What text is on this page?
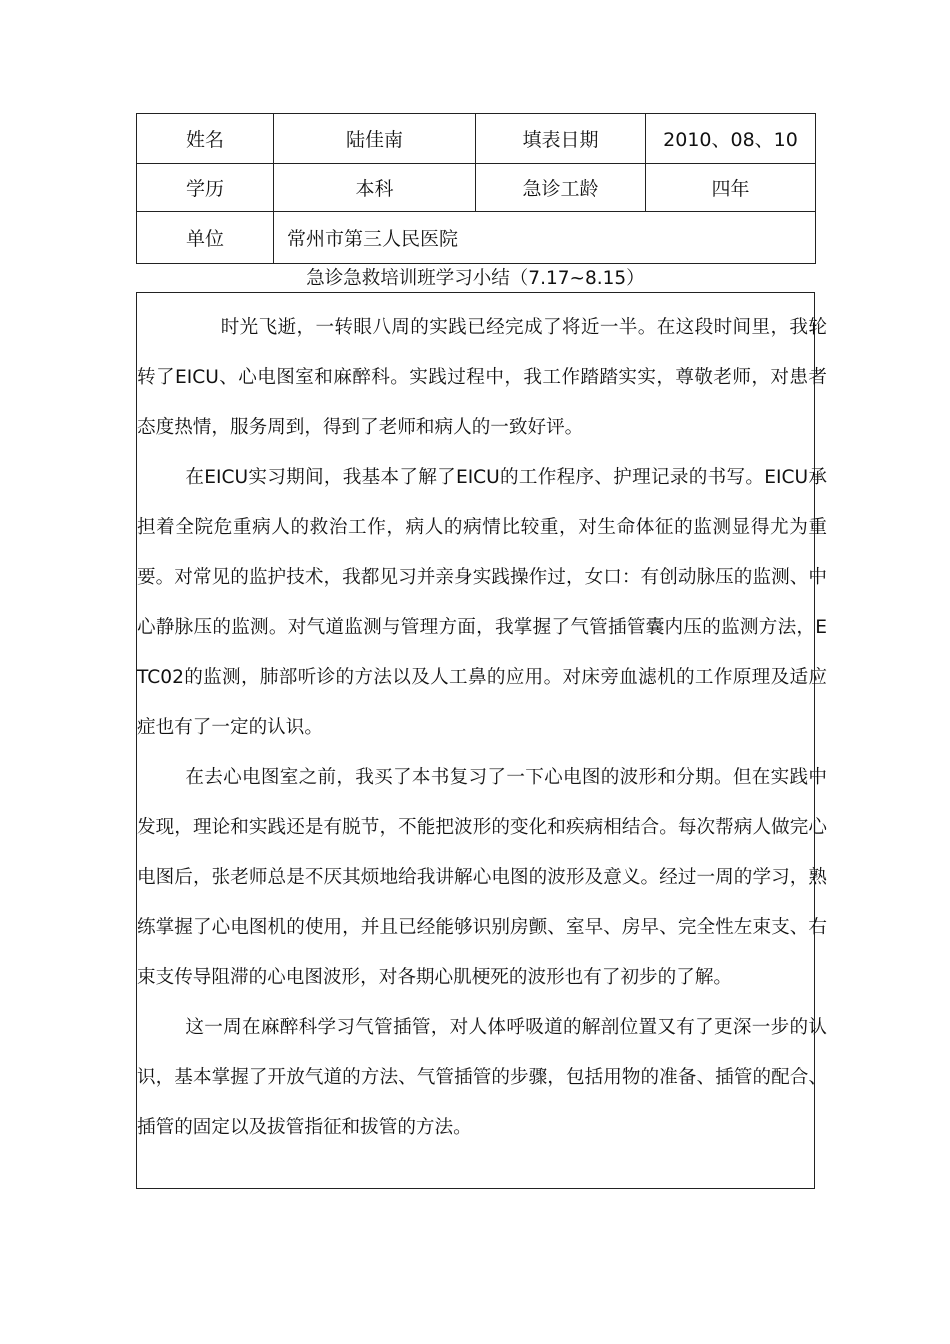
姓名	陆佳南	填表日期	2010、08、10
学历	本科	急诊工龄	四年
单位	常州市第三人民医院		
急诊急救培训班学习小结（7.17~8.15）

时光飞逝，一转眼八周的实践已经完成了将近一半。在这段时间里，我轮转了EICU、心电图室和麻醉科。实践过程中，我工作踏踏实实，尊敬老师，对患者态度热情，服务周到，得到了老师和病人的一致好评。

在EICU实习期间，我基本了解了EICU的工作程序、护理记录的书写。EICU承担着全院危重病人的救治工作，病人的病情比较重，对生命体征的监测显得尤为重要。对常见的监护技术，我都见习并亲身实践操作过，女口：有创动脉压的监测、中心静脉压的监测。对气道监测与管理方面，我掌握了气管插管囊内压的监测方法，ETC02的监测，肺部听诊的方法以及人工鼻的应用。对床旁血滤机的工作原理及适应症也有了一定的认识。

在去心电图室之前，我买了本书复习了一下心电图的波形和分期。但在实践中发现，理论和实践还是有脱节，不能把波形的变化和疾病相结合。每次帮病人做完心电图后，张老师总是不厌其烦地给我讲解心电图的波形及意义。经过一周的学习，熟练掌握了心电图机的使用，并且已经能够识别房颤、室早、房早、完全性左束支、右束支传导阻滞的心电图波形，对各期心肌梗死的波形也有了初步的了解。

这一周在麻醉科学习气管插管，对人体呼吸道的解剖位置又有了更深一步的认识，基本掌握了开放气道的方法、气管插管的步骤，包括用物的准备、插管的配合、插管的固定以及拔管指征和拔管的方法。
